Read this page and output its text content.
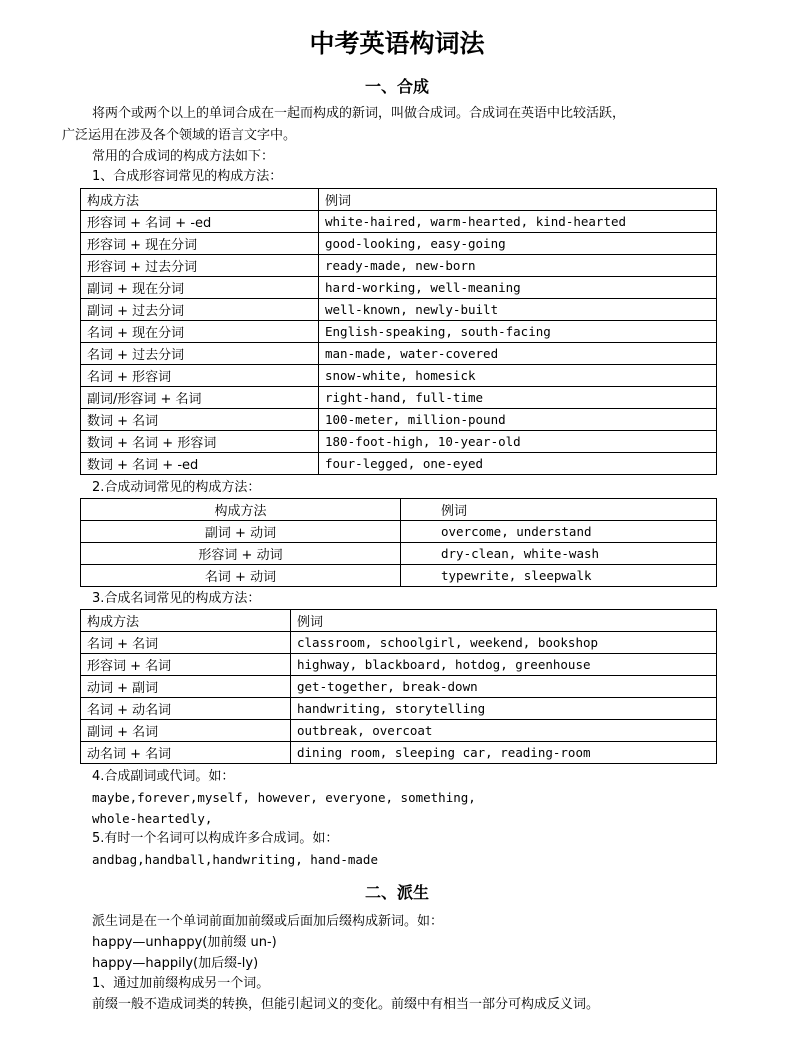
中考英语构词法
一、合成
将两个或两个以上的单词合成在一起而构成的新词，叫做合成词。合成词在英语中比较活跃，
广泛运用在涉及各个领域的语言文字中。
常用的合成词的构成方法如下：
1、合成形容词常见的构成方法：
构成方法	例词
形容词 + 名词 + -ed	white-haired, warm-hearted, kind-hearted
形容词 + 现在分词	good-looking, easy-going
形容词 + 过去分词	ready-made, new-born
副词 + 现在分词	hard-working, well-meaning
副词 + 过去分词	well-known, newly-built
名词 + 现在分词	English-speaking, south-facing
名词 + 过去分词	man-made, water-covered
名词 + 形容词	snow-white, homesick
副词/形容词 + 名词	right-hand, full-time
数词 + 名词	100-meter, million-pound
数词 + 名词 + 形容词	180-foot-high, 10-year-old
数词 + 名词 + -ed	four-legged, one-eyed
2.合成动词常见的构成方法：
构成方法	例词
副词 + 动词	overcome, understand
形容词 + 动词	dry-clean, white-wash
名词 + 动词	typewrite, sleepwalk
3.合成名词常见的构成方法：
构成方法	例词
名词 + 名词	classroom, schoolgirl, weekend, bookshop
形容词 + 名词	highway, blackboard, hotdog, greenhouse
动词 + 副词	get-together, break-down
名词 + 动名词	handwriting, storytelling
副词 + 名词	outbreak, overcoat
动名词 + 名词	dining room, sleeping car, reading-room
4.合成副词或代词。如：
maybe,forever,myself, however, everyone, something,
whole-heartedly,
5.有时一个名词可以构成许多合成词。如：
andbag,handball,handwriting, hand-made
二、派生
派生词是在一个单词前面加前缀或后面加后缀构成新词。如：
happy—unhappy(加前缀 un-)
happy—happily(加后缀-ly)
1、通过加前缀构成另一个词。
前缀一般不造成词类的转换，但能引起词义的变化。前缀中有相当一部分可构成反义词。
